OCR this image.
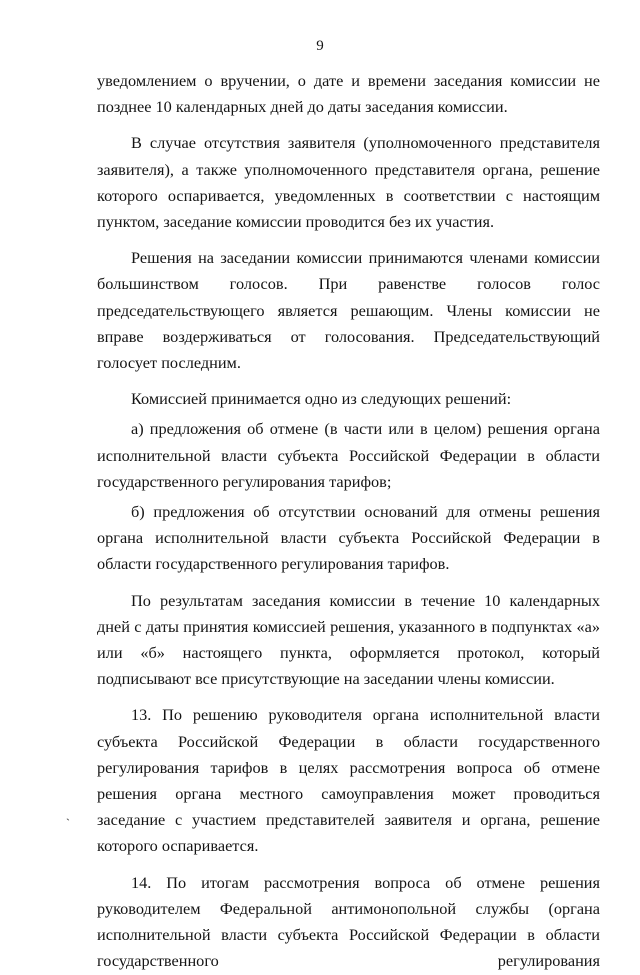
9

уведомлением о вручении, о дате и времени заседания комиссии не позднее 10 календарных дней до даты заседания комиссии.

В случае отсутствия заявителя (уполномоченного представителя заявителя), а также уполномоченного представителя органа, решение которого оспаривается, уведомленных в соответствии с настоящим пунктом, заседание комиссии проводится без их участия.

Решения на заседании комиссии принимаются членами комиссии большинством голосов. При равенстве голосов голос председательствующего является решающим. Члены комиссии не вправе воздерживаться от голосования. Председательствующий голосует последним.

Комиссией принимается одно из следующих решений:

а) предложения об отмене (в части или в целом) решения органа исполнительной власти субъекта Российской Федерации в области государственного регулирования тарифов;

б) предложения об отсутствии оснований для отмены решения органа исполнительной власти субъекта Российской Федерации в области государственного регулирования тарифов.

По результатам заседания комиссии в течение 10 календарных дней с даты принятия комиссией решения, указанного в подпунктах «а» или «б» настоящего пункта, оформляется протокол, который подписывают все присутствующие на заседании члены комиссии.

13. По решению руководителя органа исполнительной власти субъекта Российской Федерации в области государственного регулирования тарифов в целях рассмотрения вопроса об отмене решения органа местного самоуправления может проводиться заседание с участием представителей заявителя и органа, решение которого оспаривается.

14. По итогам рассмотрения вопроса об отмене решения руководителем Федеральной антимонопольной службы (органа исполнительной власти субъекта Российской Федерации в области государственного регулирования

ˏ
